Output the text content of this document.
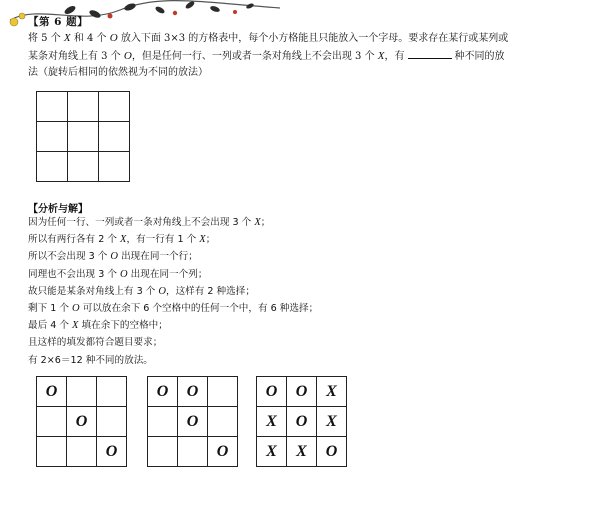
【第 6 题】
将 5 个 X 和 4 个 O 放入下面 3×3 的方格表中，每个小方格能且只能放入一个字母。要求存在某行或某列或
某条对角线上有 3 个 O，但是任何一行、一列或者一条对角线上不会出现 3 个 X，有	种不同的放
法（旋转后相同的依然视为不同的放法）

【分析与解】
因为任何一行、一列或者一条对角线上不会出现 3 个 X；
所以有两行各有 2 个 X，有一行有 1 个 X；
所以不会出现 3 个 O 出现在同一个行；
同理也不会出现 3 个 O 出现在同一个列；
故只能是某条对角线上有 3 个 O，这样有 2 种选择；
剩下 1 个 O 可以放在余下 6 个空格中的任何一个中，有 6 种选择；
最后 4 个 X 填在余下的空格中；
且这样的填发都符合题目要求；
有 2×6＝12 种不同的放法。
O		
	O	
		O
O	O	
	O	
		O
O	O	X
X	O	X
X	X	O
